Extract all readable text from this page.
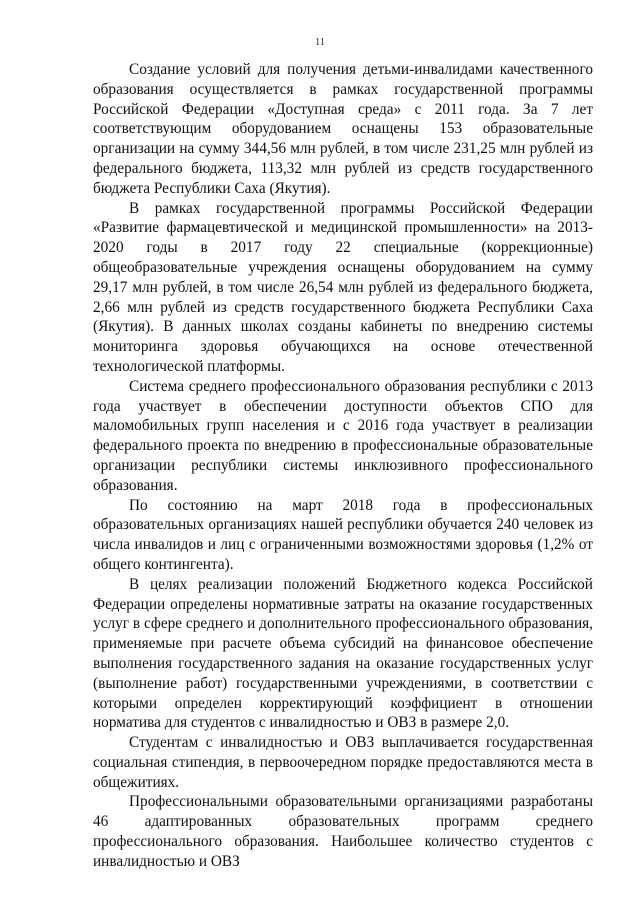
11

Создание условий для получения детьми-инвалидами качественного образования осуществляется в рамках государственной программы Российской Федерации «Доступная среда» с 2011 года. За 7 лет соответствующим оборудованием оснащены 153 образовательные организации на сумму 344,56 млн рублей, в том числе 231,25 млн рублей из федерального бюджета, 113,32 млн рублей из средств государственного бюджета Республики Саха (Якутия).

В рамках государственной программы Российской Федерации «Развитие фармацевтической и медицинской промышленности» на 2013-2020 годы в 2017 году 22 специальные (коррекционные) общеобразовательные учреждения оснащены оборудованием на сумму 29,17 млн рублей, в том числе 26,54 млн рублей из федерального бюджета, 2,66 млн рублей из средств государственного бюджета Республики Саха (Якутия). В данных школах созданы кабинеты по внедрению системы мониторинга здоровья обучающихся на основе отечественной технологической платформы.

Система среднего профессионального образования республики с 2013 года участвует в обеспечении доступности объектов СПО для маломобильных групп населения и с 2016 года участвует в реализации федерального проекта по внедрению в профессиональные образовательные организации республики системы инклюзивного профессионального образования.

По состоянию на март 2018 года в профессиональных образовательных организациях нашей республики обучается 240 человек из числа инвалидов и лиц с ограниченными возможностями здоровья (1,2% от общего контингента).

В целях реализации положений Бюджетного кодекса Российской Федерации определены нормативные затраты на оказание государственных услуг в сфере среднего и дополнительного профессионального образования, применяемые при расчете объема субсидий на финансовое обеспечение выполнения государственного задания на оказание государственных услуг (выполнение работ) государственными учреждениями, в соответствии с которыми определен корректирующий коэффициент в отношении норматива для студентов с инвалидностью и ОВЗ в размере 2,0.

Студентам с инвалидностью и ОВЗ выплачивается государственная социальная стипендия, в первоочередном порядке предоставляются места в общежитиях.

Профессиональными образовательными организациями разработаны 46 адаптированных образовательных программ среднего профессионального образования. Наибольшее количество студентов с инвалидностью и ОВЗ
